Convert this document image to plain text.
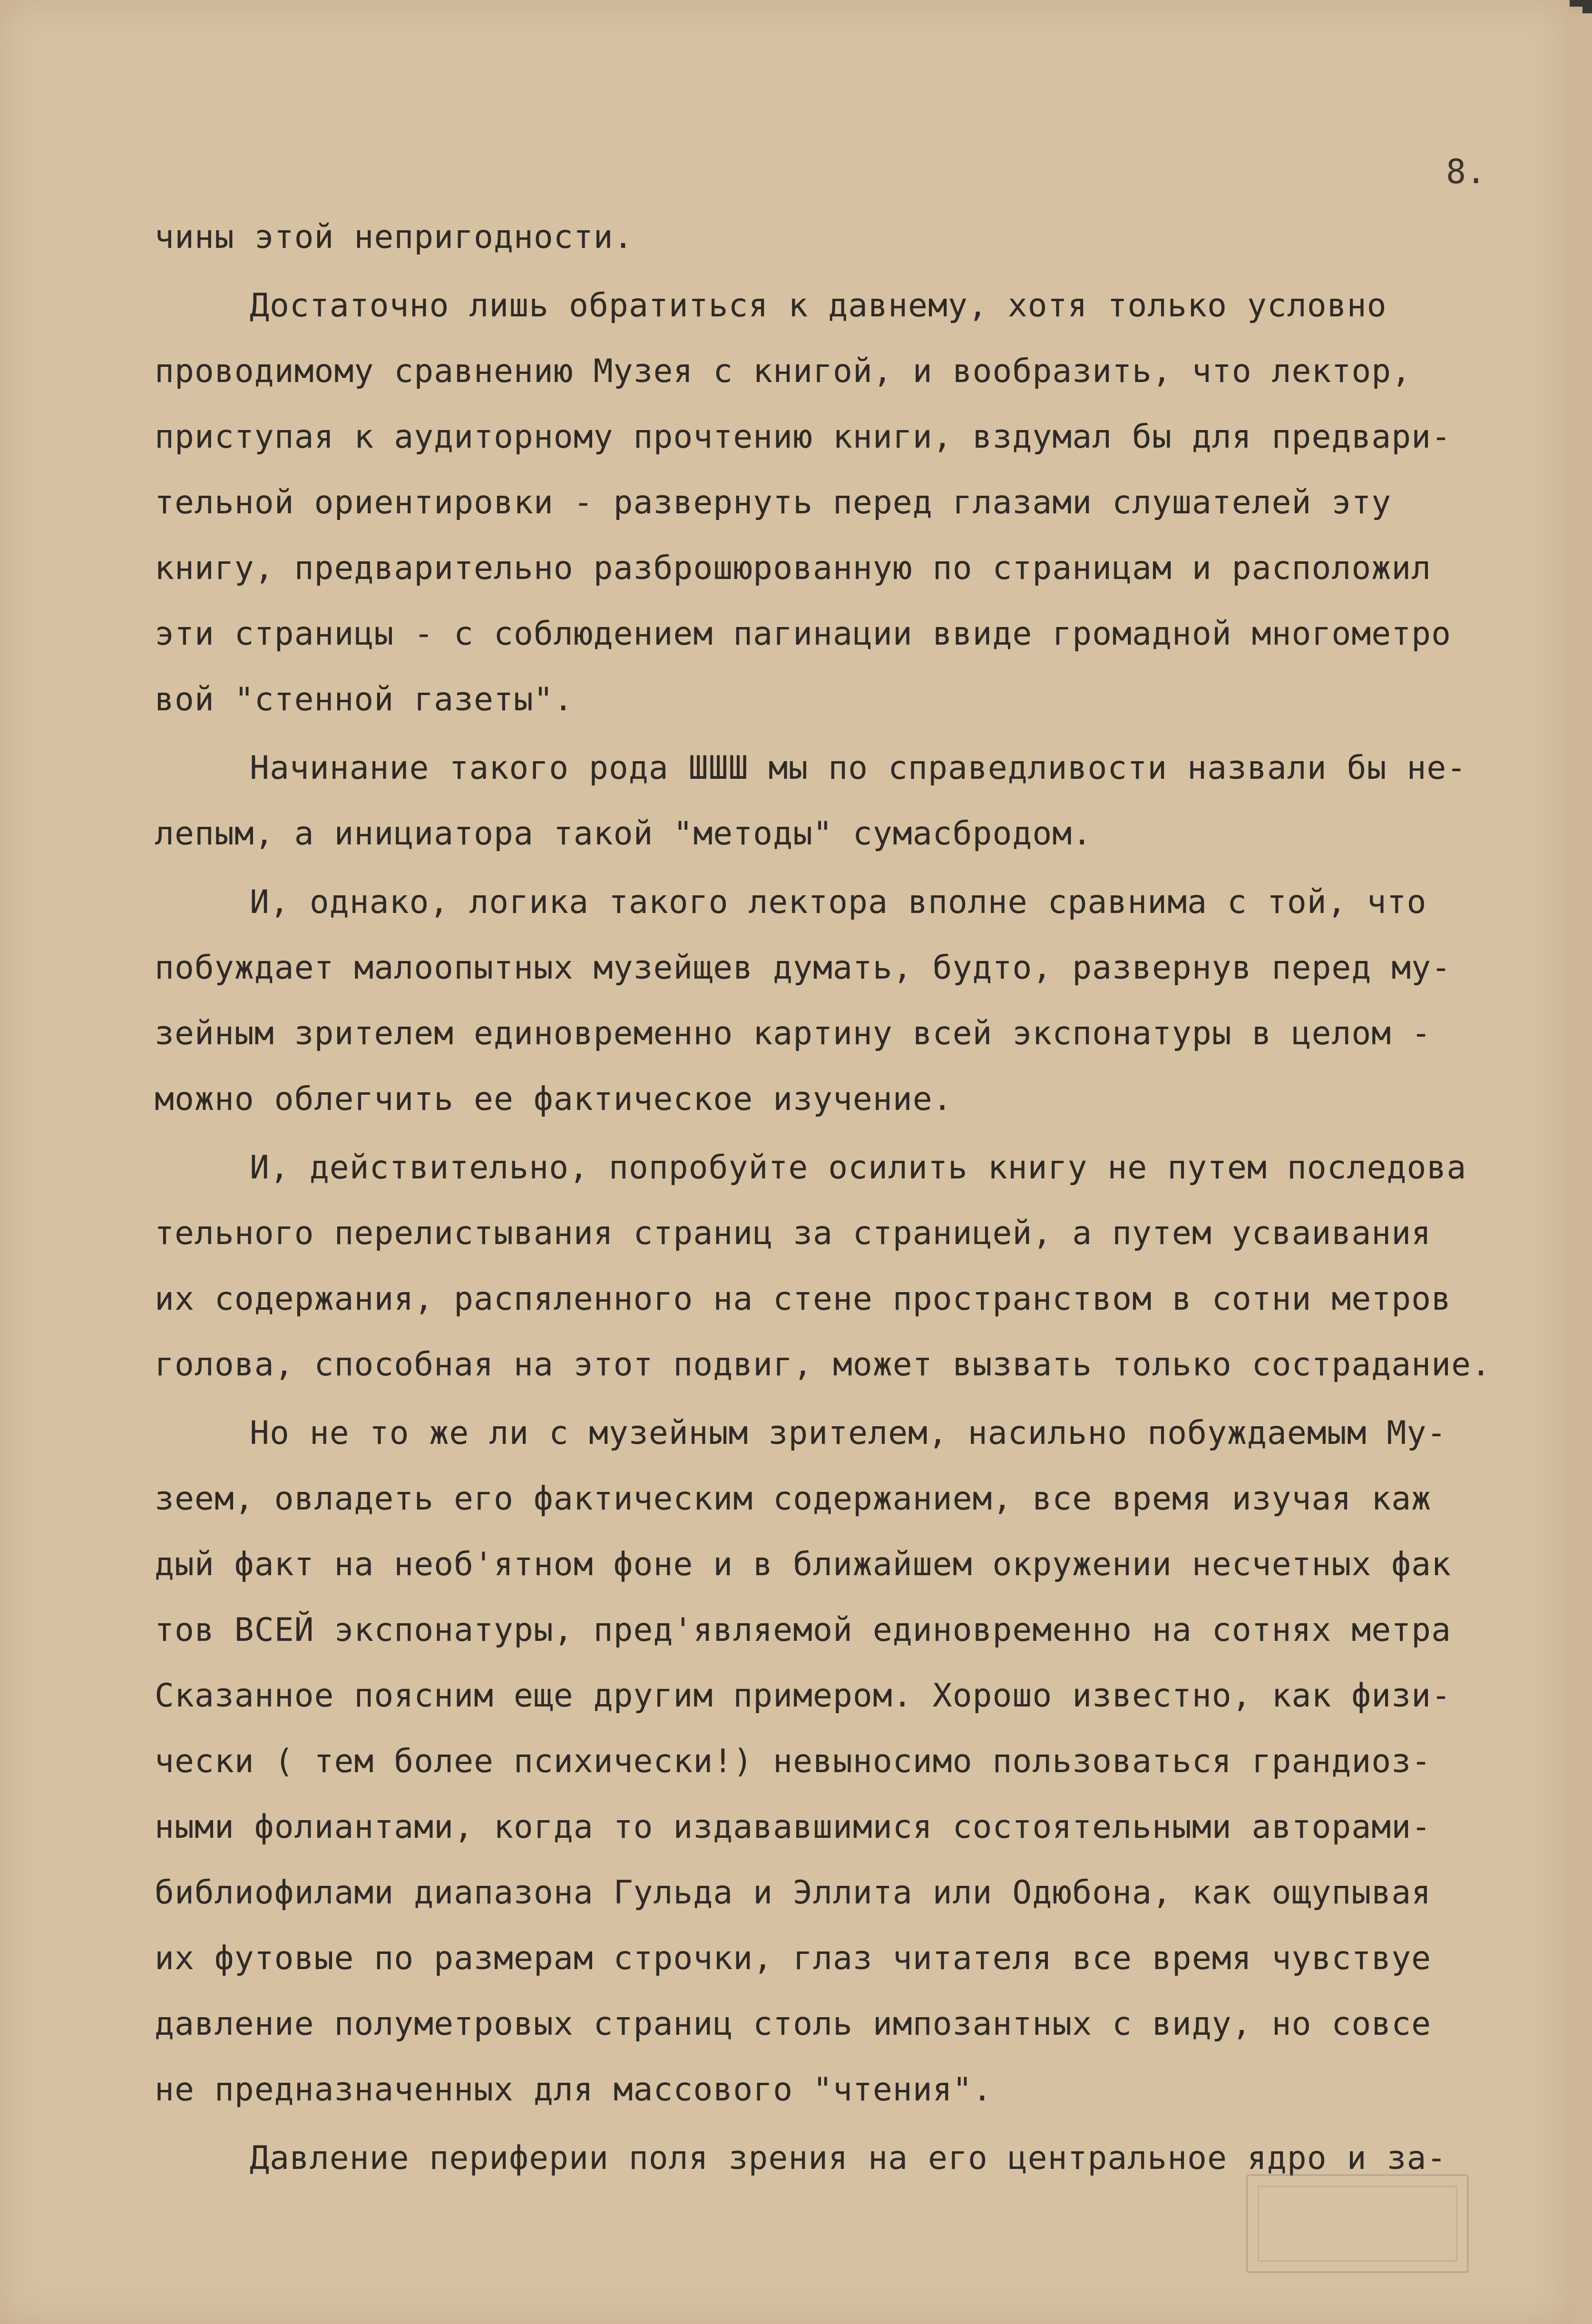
8.
чины этой непригодности.
Достаточно лишь обратиться к давнему, хотя только условно
проводимому сравнению Музея с книгой, и вообразить, что лектор,
приступая к аудиторному прочтению книги, вздумал бы для предвари-
тельной ориентировки - развернуть перед глазами слушателей эту
книгу, предварительно разброшюрованную по страницам и расположил
эти страницы - с соблюдением пагинации ввиде громадной многометро
вой "стенной газеты".
Начинание такого рода ШШШ мы по справедливости назвали бы не-
лепым, а инициатора такой "методы" сумасбродом.
И, однако, логика такого лектора вполне сравнима с той, что
побуждает малоопытных музейщев думать, будто, развернув перед му-
зейным зрителем единовременно картину всей экспонатуры в целом -
можно облегчить ее фактическое изучение.
И, действительно, попробуйте осилить книгу не путем последова
тельного перелистывания страниц за страницей, а путем усваивания
их содержания, распяленного на стене пространством в сотни метров
голова, способная на этот подвиг, может вызвать только сострадание.
Но не то же ли с музейным зрителем, насильно побуждаемым Му-
зеем, овладеть его фактическим содержанием, все время изучая каж
дый факт на необ'ятном фоне и в ближайшем окружении несчетных фак
тов ВСЕЙ экспонатуры, пред'являемой единовременно на сотнях метра
Сказанное поясним еще другим примером. Хорошо известно, как физи-
чески ( тем более психически!) невыносимо пользоваться грандиоз-
ными фолиантами, когда то издававшимися состоятельными авторами-
библиофилами диапазона Гульда и Эллита или Одюбона, как ощупывая
их футовые по размерам строчки, глаз читателя все время чувствуе
давление полуметровых страниц столь импозантных с виду, но совсе
не предназначенных для массового "чтения".
Давление периферии поля зрения на его центральное ядро и за-
